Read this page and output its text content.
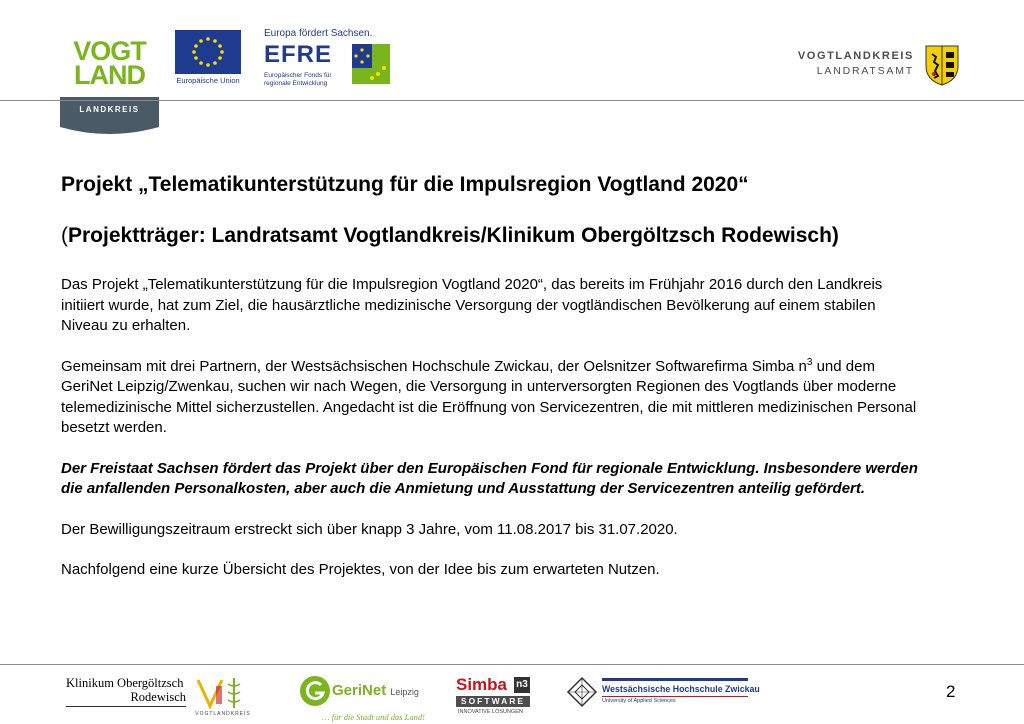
VOGT
LAND
LANDKREIS
Europäische Union
Europa fördert Sachsen.
EFRE
Europäischer Fonds für
regionale Entwicklung
VOGTLANDKREIS
LANDRATSAMT
Projekt „Telematikunterstützung für die Impulsregion Vogtland 2020“
(Projektträger: Landratsamt Vogtlandkreis/Klinikum Obergöltzsch Rodewisch)

Das Projekt „Telematikunterstützung für die Impulsregion Vogtland 2020“, das bereits im Frühjahr 2016 durch den Landkreis initiiert wurde, hat zum Ziel, die hausärztliche medizinische Versorgung der vogtländischen Bevölkerung auf einem stabilen Niveau zu erhalten.

Gemeinsam mit drei Partnern, der Westsächsischen Hochschule Zwickau, der Oelsnitzer Softwarefirma Simba $n^3$ und dem GeriNet Leipzig/Zwenkau, suchen wir nach Wegen, die Versorgung in unterversorgten Regionen des Vogtlands über moderne telemedizinische Mittel sicherzustellen. Angedacht ist die Eröffnung von Servicezentren, die mit mittleren medizinischen Personal besetzt werden.

Der Freistaat Sachsen fördert das Projekt über den Europäischen Fond für regionale Entwicklung. Insbesondere werden die anfallenden Personalkosten, aber auch die Anmietung und Ausstattung der Servicezentren anteilig gefördert.

Der Bewilligungszeitraum erstreckt sich über knapp 3 Jahre, vom 11.08.2017 bis 31.07.2020.

Nachfolgend eine kurze Übersicht des Projektes, von der Idee bis zum erwarteten Nutzen.

Klinikum Obergöltzsch
Rodewisch
VOGTLANDKREIS
GeriNet Leipzig
… für die Stadt und das Land!
Simba n3
SOFTWARE
INNOVATIVE LÖSUNGEN
Westsächsische Hochschule Zwickau
University of Applied Sciences	2
